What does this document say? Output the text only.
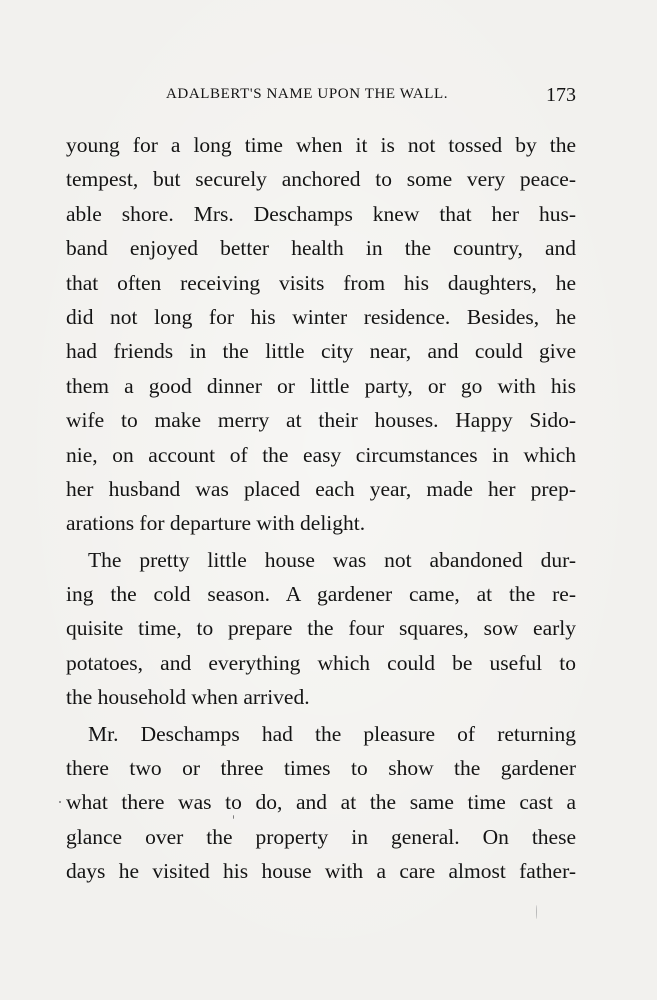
ADALBERT'S NAME UPON THE WALL.	173
young for a long time when it is not tossed by the
tempest, but securely anchored to some very peace-
able shore. Mrs. Deschamps knew that her hus-
band enjoyed better health in the country, and
that often receiving visits from his daughters, he
did not long for his winter residence. Besides, he
had friends in the little city near, and could give
them a good dinner or little party, or go with his
wife to make merry at their houses. Happy Sido-
nie, on account of the easy circumstances in which
her husband was placed each year, made her prep-
arations for departure with delight.
The pretty little house was not abandoned dur-
ing the cold season. A gardener came, at the re-
quisite time, to prepare the four squares, sow early
potatoes, and everything which could be useful to
the household when arrived.
Mr. Deschamps had the pleasure of returning
there two or three times to show the gardener
what there was to do, and at the same time cast a
glance over the property in general. On these
days he visited his house with a care almost father-
